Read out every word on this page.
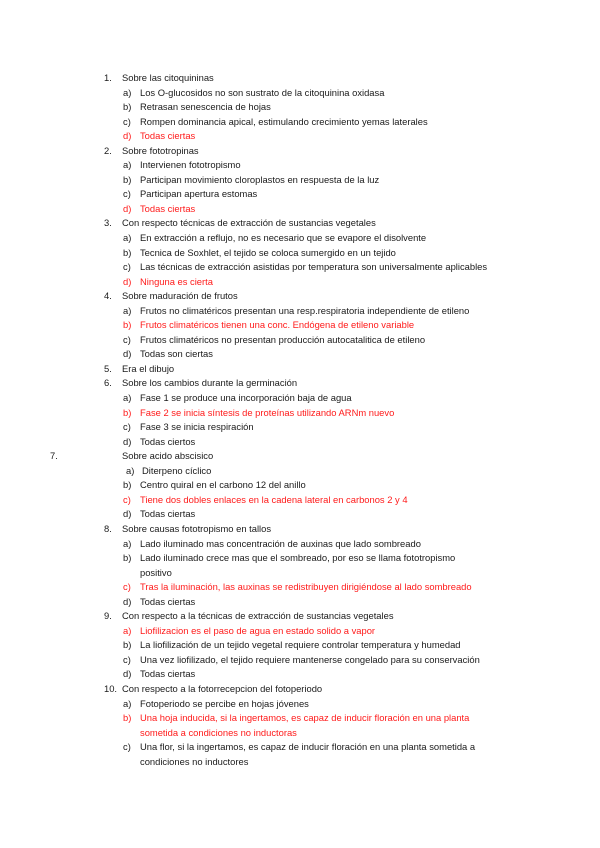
1. Sobre las citoquininas
a) Los O-glucosidos no son sustrato de la citoquinina oxidasa
b) Retrasan senescencia de hojas
c) Rompen dominancia apical, estimulando crecimiento yemas laterales
d) Todas ciertas
2. Sobre fototropinas
a) Intervienen fototropismo
b) Participan movimiento cloroplastos en respuesta de la luz
c) Participan apertura estomas
d) Todas ciertas
3. Con respecto técnicas de extracción de sustancias vegetales
a) En extracción a reflujo, no es necesario que se evapore el disolvente
b) Tecnica de Soxhlet, el tejido se coloca sumergido en un tejido
c) Las técnicas de extracción asistidas por temperatura son universalmente aplicables
d) Ninguna es cierta
4. Sobre maduración de frutos
a) Frutos no climatéricos presentan una resp.respiratoria independiente de etileno
b) Frutos climatéricos tienen una conc. Endógena de etileno variable
c) Frutos climatéricos no presentan producción autocatalitica de etileno
d) Todas son ciertas
5. Era el dibujo
6. Sobre los cambios durante la germinación
a) Fase 1 se produce una incorporación baja de agua
b) Fase 2 se inicia síntesis de proteínas utilizando ARNm nuevo
c) Fase 3 se inicia respiración
d) Todas ciertos
7.	Sobre acido abscisico
a) Diterpeno cíclico
b) Centro quiral en el carbono 12 del anillo
c) Tiene dos dobles enlaces en la cadena lateral en carbonos 2 y 4
d) Todas ciertas
8. Sobre causas fototropismo en tallos
a) Lado iluminado mas concentración de auxinas que lado sombreado
b) Lado iluminado crece mas que el sombreado, por eso se llama fototropismo
positivo
c) Tras la iluminación, las auxinas se redistribuyen dirigiéndose al lado sombreado
d) Todas ciertas
9. Con respecto a la técnicas de extracción de sustancias vegetales
a) Liofilizacion es el paso de agua en estado solido a vapor
b) La liofilización de un tejido vegetal requiere controlar temperatura y humedad
c) Una vez liofilizado, el tejido requiere mantenerse congelado para su conservación
d) Todas ciertas
10. Con respecto a la fotorrecepcion del fotoperiodo
a) Fotoperiodo se percibe en hojas jóvenes
b) Una hoja inducida, si la ingertamos, es capaz de inducir floración en una planta
sometida a condiciones no inductoras
c) Una flor, si la ingertamos, es capaz de inducir floración en una planta sometida a
condiciones no inductores
